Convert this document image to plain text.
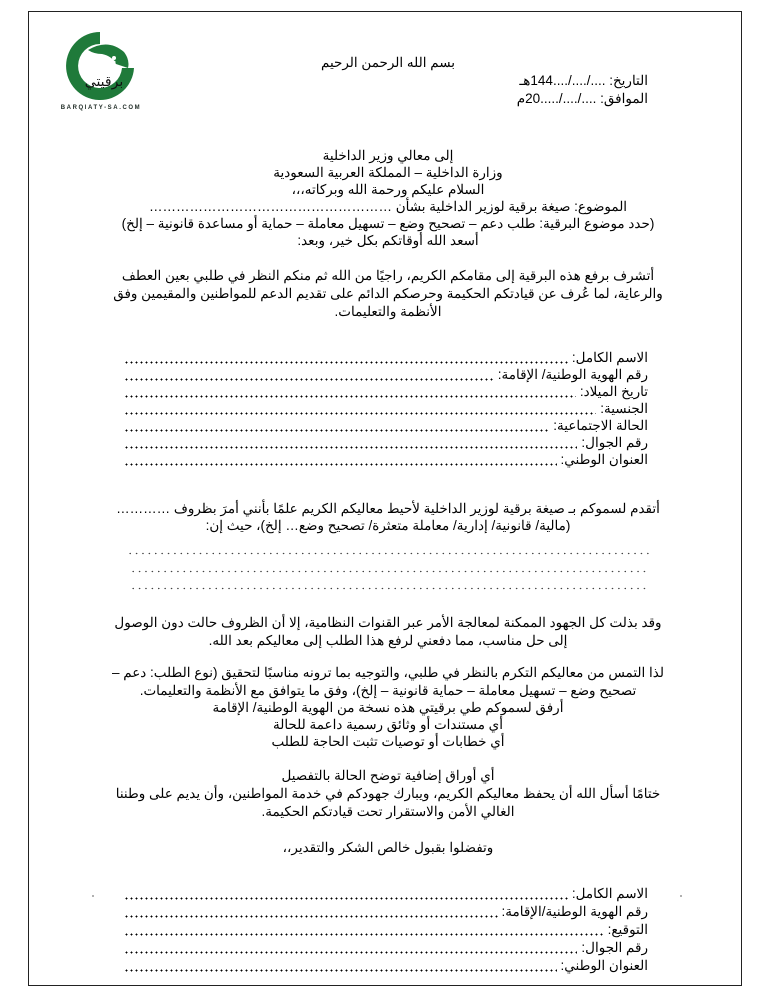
برقيتي
BARQIATY-SA.COM
بسم الله الرحمن الرحيم
التاريخ: ..../..../....144هـ
الموافق: ..../..../.....20م
إلى معالي وزير الداخلية
وزارة الداخلية – المملكة العربية السعودية
السلام عليكم ورحمة الله وبركاته،،،
الموضوع: صيغة برقية لوزير الداخلية بشأن ………………………………………………
(حدد موضوع البرقية: طلب دعم – تصحيح وضع – تسهيل معاملة – حماية أو مساعدة قانونية – إلخ)
أسعد الله أوقاتكم بكل خير، وبعد:
أتشرف برفع هذه البرقية إلى مقامكم الكريم، راجيًا من الله ثم منكم النظر في طلبي بعين العطف
والرعاية، لما عُرف عن قيادتكم الحكيمة وحرصكم الدائم على تقديم الدعم للمواطنين والمقيمين وفق
الأنظمة والتعليمات.
الاسم الكامل:
رقم الهوية الوطنية/ الإقامة:
تاريخ الميلاد:
الجنسية:
الحالة الاجتماعية:
رقم الجوال:
العنوان الوطني:
أتقدم لسموكم بـ صيغة برقية لوزير الداخلية لأحيط معاليكم الكريم علمًا بأنني أمرَ بظروف …………
(مالية/ قانونية/ إدارية/ معاملة متعثرة/ تصحيح وضع… إلخ)، حيث إن:
وقد بذلت كل الجهود الممكنة لمعالجة الأمر عبر القنوات النظامية، إلا أن الظروف حالت دون الوصول
إلى حل مناسب، مما دفعني لرفع هذا الطلب إلى معاليكم بعد الله.
لذا التمس من معاليكم التكرم بالنظر في طلبي، والتوجيه بما ترونه مناسبًا لتحقيق (نوع الطلب: دعم –
تصحيح وضع – تسهيل معاملة – حماية قانونية – إلخ)، وفق ما يتوافق مع الأنظمة والتعليمات.
أرفق لسموكم طي برقيتي هذه نسخة من الهوية الوطنية/ الإقامة
أي مستندات أو وثائق رسمية داعمة للحالة
أي خطابات أو توصيات تثبت الحاجة للطلب
أي أوراق إضافية توضح الحالة بالتفصيل
ختامًا أسأل الله أن يحفظ معاليكم الكريم، ويبارك جهودكم في خدمة المواطنين، وأن يديم على وطننا
الغالي الأمن والاستقرار تحت قيادتكم الحكيمة.
وتفضلوا بقبول خالص الشكر والتقدير،،
الاسم الكامل:
رقم الهوية الوطنية/الإقامة:
التوقيع:
رقم الجوال:
العنوان الوطني:
